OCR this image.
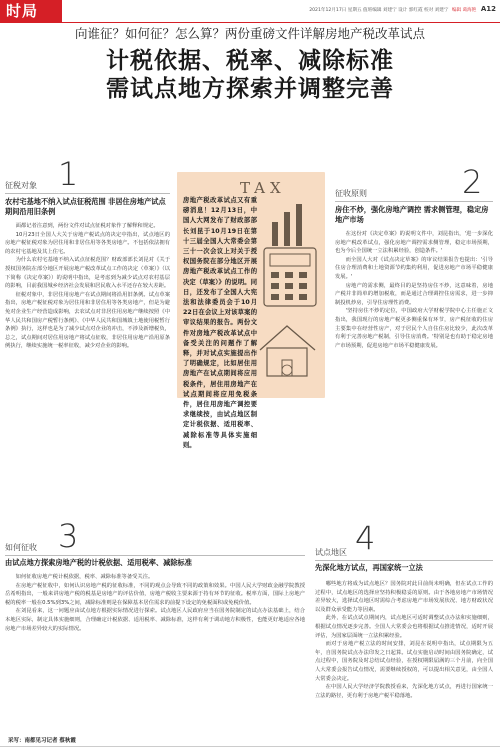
时局	2021年12月17日 星期五 值班编辑 刘建宁 设计 郭红霞 校对 刘建宁 编辑 葛海艳 A12
向谁征？如何征？怎么算？两份重磅文件详解房地产税改革试点
计税依据、税率、减除标准
需试点地方探索并调整完善
征税对象 1
农村宅基地不纳入试点征税范围 非居住房地产试点期间沿用旧条例

面都记者注意到，两份文件对试点征税对象作了解释和规定。

10月23日全国人大关于房地产税试点的决定中指出，试点地区的房地产税征税对象为居住用和非居住用等各类房地产。不包括依法拥有的农村宅基地及其上住宅。

为什么农村宅基地不纳入试点征税范围？财政部部长刘昆对《关于授权国务院在部分地区开展房地产税改革试点工作的决定（草案）》（以下简称《决定草案》）的说明中指出，是考虑到为减少试点对农村基层的影响，目前我国城乡经济社会发展和居民收入水平还存在较大差距。

征税对象中，非居住用房地产在试点期间将沿用旧条例。试点草案指出，房地产税征税对象为居住用和非居住用等各类房地产，但是为避免对企业生产经营造成影响，去农试点对非居住用房地产继续按照《中华人民共和国房产税暂行条例》、《中华人民共和国城镇土地使用税暂行条例》执行，这样也是为了减少试点对企业的冲击，不涉及新增税负，总之，试点期间对居住用房地产将试点征收，非居住用房地产沿用原条例执行，继续实施统一税率征收，减少对企业的影响。

TAX
房地产税改革试点又有重磅消息！12月13日，中国人大网发布了财政部部长刘昆于10月19日在第十三届全国人大常委会第三十一次会议上对关于授权国务院在部分地区开展房地产税改革试点工作的决定（草案）》的说明。同日，还发布了全国人大宪法和法律委员会于10月22日在会议上对该草案的审议结果的报告。两份文件对房地产税改革试点中备受关注的问题作了解释，并对试点实施提出作了明确规定，比如居住用房地产在试点期间将应用税条件，居住用房地产在试点期间将应用免税条件，居住用房地产调控要求继续按，由试点地区制定计税依据、适用税率、减除标准等具体实施细则。
征收原则	2
房住不炒，强化房地产调控 需求侧管理，稳定房地产市场

在这份对《决定草案》的说明文件中，刘昆指出，'进一步深化房地产税改革试点，强化房地产调控需求侧管理，稳定市场预期，也为今后全国统一立法积累经验，创造条件。'

而全国人大对《试点决定草案》的审议结果报告也提出：'引导住房合理消费和土地资源节约集约利用，促进房地产市场平稳健康发展。'

房地产的需求侧，最终目的是坚持房住不炒，这意味着，房地产税并非简单的增加税收，而是通过合理调控住房需求，进一步抑制投机炒房，引导住房理性消费。

'坚持房住不炒的定位，中国政府大学财税学院中心主任施正文指出，我国现行的房地产税更多侧重保有环节，房产税征收的住房主要集中在经营性房产，对于居民个人自住住房比较少，此次改革有利于完善房地产税制，引导住房消费。'特别是也有助于稳定房地产市场预期，促进房地产市场平稳健康发展。

如何征收 3
由试点地方探索房地产税的计税依据、适用税率、减除标准

如何征收房地产税计税依据，税率、减除标准等备受关注。

在房地产税征收中，如何认识房地产税的征收标准，不同的观点会导致不同的政策和效果。中国人民大学财政金融学院教授岳希明指出，一般来讲房地产税的税基是房地产的评估价值，房地产税收主要来源于持有环节的征收。税率方面，国际上房地产税的税率一般在0.5%到3%之间，减除标准则是在保障基本居住需求的前提下设定的免税面积或免税价值。

在刘昆看来，这一问题应由试点地方根据实际情况进行探索。试点地区人民政府应当在国务院制定的试点办法基础上，结合本地区实际，制定具体实施细则，合理确定计税依据、适用税率、减除标准，这样有利于调动地方积极性，也能更好地适应各地房地产市场差异较大的实际情况。

采写：南都见习记者 蔡秋霞
试点地区 4
先深化地方试点，再国家统一立法

哪些地方将成为试点地区？国务院对此目前尚未明确，但在试点工作的过程中，试点地区的选择应坚持积极稳妥的原则。由于各地房地产市场情况差异较大，选择试点地区时需综合考虑房地产市场发展状况、地方财政状况以及群众承受能力等因素。

此外，在试点试点期间内，试点地区可适时调整试点办法和实施细则，根据试点情况逐步完善。全国人大常委会也将根据试点推进情况，适时开展评估，为国家层面统一立法积累经验。

而对于房地产税立法的时间安排，刘昆在说明中指出，试点期限为五年，自国务院试点办法印发之日起算。试点实施启动时间由国务院确定，试点过程中，国务院及时总结试点经验，在授权期限届满的三个月前，向全国人大常委会报告试点情况，需要继续授权的，可以提出相关意见，由全国人大常委会决定。

在中国人民大学经济学院教授看来，先深化地方试点，再进行国家统一立法的路径，更有利于房地产税平稳落地。
